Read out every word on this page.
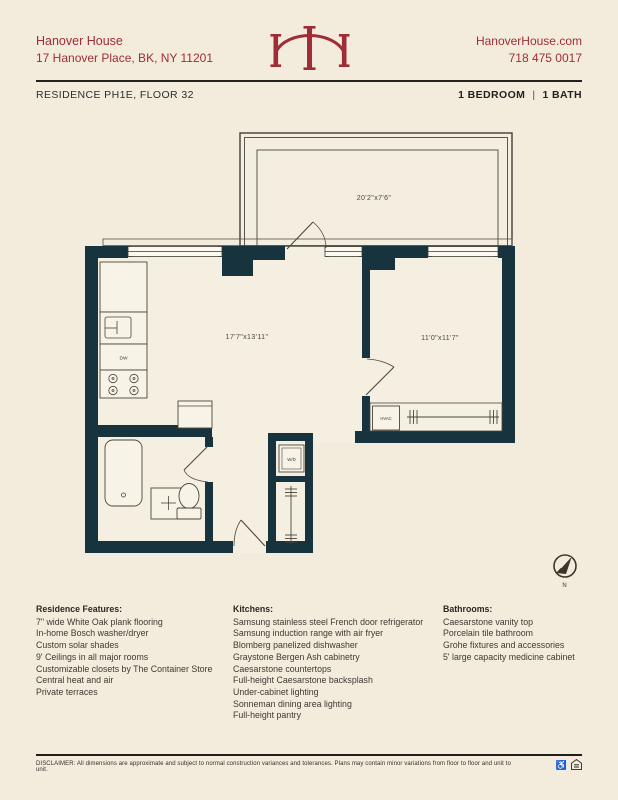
Hanover House
17 Hanover Place, BK, NY 11201
HanoverHouse.com
718 475 0017
RESIDENCE PH1E, FLOOR 32	1 BEDROOM | 1 BATH
DW
W/D
HVAC
20'2"x7'6"
17'7"x13'11"	11'0"x11'7"
N
Residence Features:
7" wide White Oak plank flooring
In-home Bosch washer/dryer
Custom solar shades
9' Ceilings in all major rooms
Customizable closets by The Container Store
Central heat and air
Private terraces
Kitchens:
Samsung stainless steel French door refrigerator
Samsung induction range with air fryer
Blomberg panelized dishwasher
Graystone Bergen Ash cabinetry
Caesarstone countertops
Full-height Caesarstone backsplash
Under-cabinet lighting
Sonneman dining area lighting
Full-height pantry
Bathrooms:
Caesarstone vanity top
Porcelain tile bathroom
Grohe fixtures and accessories
5' large capacity medicine cabinet
DISCLAIMER: All dimensions are approximate and subject to normal construction variances and tolerances. Plans may contain minor variations from floor to floor and unit to unit.
♿
